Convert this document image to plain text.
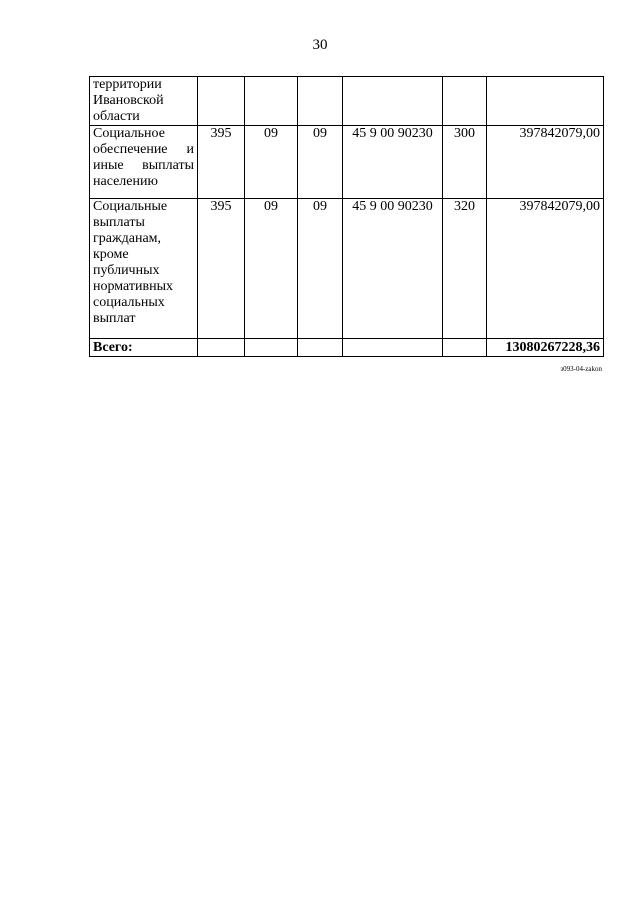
30
территории Ивановской области						
Социальное обеспечение и иные выплаты населению	395	09	09	45 9 00 90230	300	397842079,00
Социальные выплаты гражданам, кроме публичных нормативных социальных выплат	395	09	09	45 9 00 90230	320	397842079,00
Всего:						13080267228,36
з093-04-zakon
